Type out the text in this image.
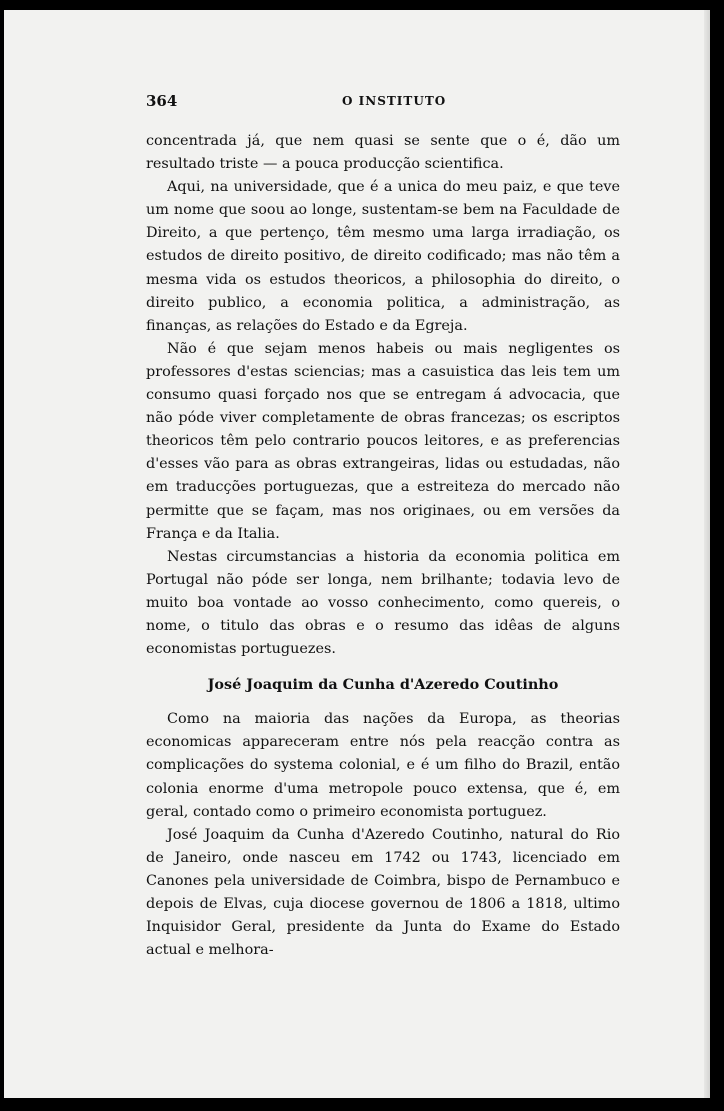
364	O INSTITUTO

concentrada já, que nem quasi se sente que o é, dão um resultado triste — a pouca producção scientifica.

Aqui, na universidade, que é a unica do meu paiz, e que teve um nome que soou ao longe, sustentam-se bem na Faculdade de Direito, a que pertenço, têm mesmo uma larga irradiação, os estudos de direito positivo, de direito codificado; mas não têm a mesma vida os estudos theoricos, a philosophia do direito, o direito publico, a economia politica, a administração, as finanças, as relações do Estado e da Egreja.

Não é que sejam menos habeis ou mais negligentes os professores d'estas sciencias; mas a casuistica das leis tem um consumo quasi forçado nos que se entregam á advocacia, que não póde viver completamente de obras francezas; os escriptos theoricos têm pelo contrario poucos leitores, e as preferencias d'esses vão para as obras extrangeiras, lidas ou estudadas, não em traducções portuguezas, que a estreiteza do mercado não permitte que se façam, mas nos originaes, ou em versões da França e da Italia.

Nestas circumstancias a historia da economia politica em Portugal não póde ser longa, nem brilhante; todavia levo de muito boa vontade ao vosso conhecimento, como quereis, o nome, o titulo das obras e o resumo das idêas de alguns economistas portuguezes.

José Joaquim da Cunha d'Azeredo Coutinho

Como na maioria das nações da Europa, as theorias economicas appareceram entre nós pela reacção contra as complicações do systema colonial, e é um filho do Brazil, então colonia enorme d'uma metropole pouco extensa, que é, em geral, contado como o primeiro economista portuguez.

José Joaquim da Cunha d'Azeredo Coutinho, natural do Rio de Janeiro, onde nasceu em 1742 ou 1743, licenciado em Canones pela universidade de Coimbra, bispo de Pernambuco e depois de Elvas, cuja diocese governou de 1806 a 1818, ultimo Inquisidor Geral, presidente da Junta do Exame do Estado actual e melhora-
